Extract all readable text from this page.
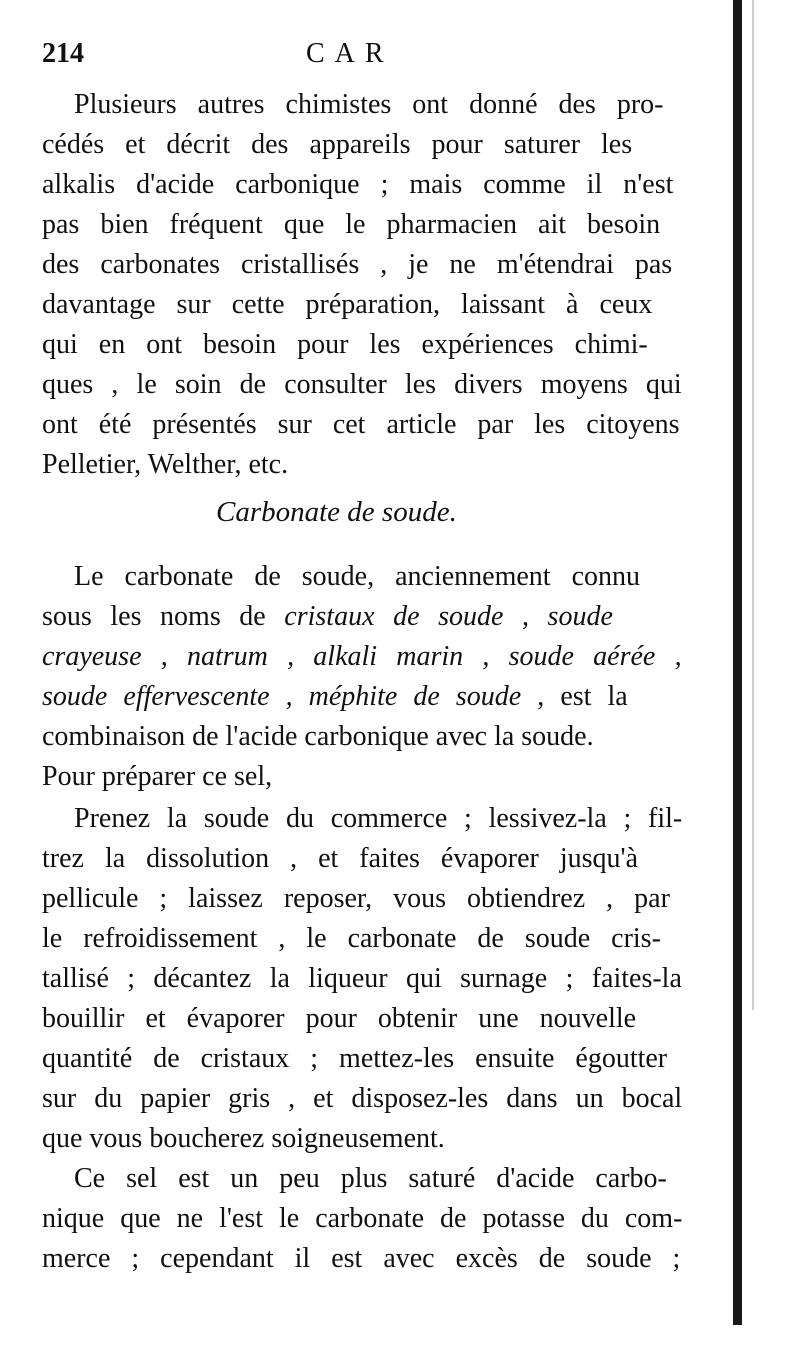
214	CAR
Plusieurs autres chimistes ont donné des pro-
cédés et décrit des appareils pour saturer les
alkalis d'acide carbonique ; mais comme il n'est
pas bien fréquent que le pharmacien ait besoin
des carbonates cristallisés , je ne m'étendrai pas
davantage sur cette préparation, laissant à ceux
qui en ont besoin pour les expériences chimi-
ques , le soin de consulter les divers moyens qui
ont été présentés sur cet article par les citoyens
Pelletier, Welther, etc.
Carbonate de soude.
Le carbonate de soude, anciennement connu
sous les noms de cristaux de soude , soude
crayeuse , natrum , alkali marin , soude aérée ,
soude effervescente , méphite de soude , est la
combinaison de l'acide carbonique avec la soude.
Pour préparer ce sel,
Prenez la soude du commerce ; lessivez-la ; fil-
trez la dissolution , et faites évaporer jusqu'à
pellicule ; laissez reposer, vous obtiendrez , par
le refroidissement , le carbonate de soude cris-
tallisé ; décantez la liqueur qui surnage ; faites-la
bouillir et évaporer pour obtenir une nouvelle
quantité de cristaux ; mettez-les ensuite égoutter
sur du papier gris , et disposez-les dans un bocal
que vous boucherez soigneusement.
Ce sel est un peu plus saturé d'acide carbo-
nique que ne l'est le carbonate de potasse du com-
merce ; cependant il est avec excès de soude ;
